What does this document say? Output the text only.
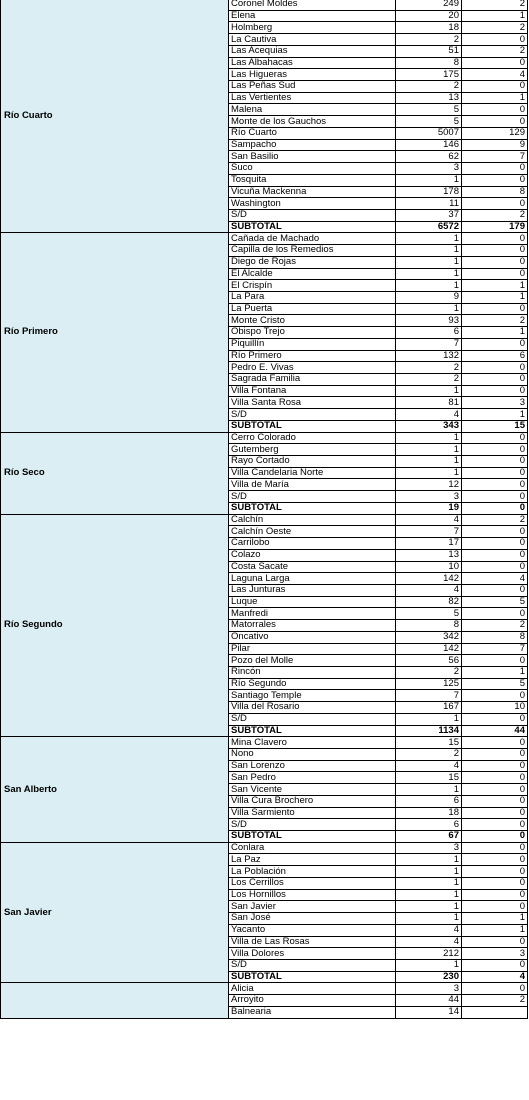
Río Cuarto	Coronel Moldes	249	2
	Elena	20	1
	Holmberg	18	2
	La Cautiva	2	0
	Las Acequias	51	2
	Las Albahacas	8	0
	Las Higueras	175	4
	Las Peñas Sud	2	0
	Las Vertientes	13	1
	Malena	5	0
	Monte de los Gauchos	5	0
	Río Cuarto	5007	129
	Sampacho	146	9
	San Basilio	62	7
	Suco	3	0
	Tosquita	1	0
	Vicuña Mackenna	178	8
	Washington	11	0
	S/D	37	2
	SUBTOTAL	6572	179
Río Primero	Cañada de Machado	1	0
	Capilla de los Remedios	1	0
	Diego de Rojas	1	0
	El Alcalde	1	0
	El Crispín	1	1
	La Para	9	1
	La Puerta	1	0
	Monte Cristo	93	2
	Obispo Trejo	6	1
	Piquillín	7	0
	Río Primero	132	6
	Pedro E. Vivas	2	0
	Sagrada Familia	2	0
	Villa Fontana	1	0
	Villa Santa Rosa	81	3
	S/D	4	1
	SUBTOTAL	343	15
Río Seco	Cerro Colorado	1	0
	Gutemberg	1	0
	Rayo Cortado	1	0
	Villa Candelaria Norte	1	0
	Villa de María	12	0
	S/D	3	0
	SUBTOTAL	19	0
Río Segundo	Calchín	4	2
	Calchín Oeste	7	0
	Carrilobo	17	0
	Colazo	13	0
	Costa Sacate	10	0
	Laguna Larga	142	4
	Las Junturas	4	0
	Luque	82	5
	Manfredi	5	0
	Matorrales	8	2
	Oncativo	342	8
	Pilar	142	7
	Pozo del Molle	56	0
	Rincón	2	1
	Río Segundo	125	5
	Santiago Temple	7	0
	Villa del Rosario	167	10
	S/D	1	0
	SUBTOTAL	1134	44
San Alberto	Mina Clavero	15	0
	Nono	2	0
	San Lorenzo	4	0
	San Pedro	15	0
	San Vicente	1	0
	Villa Cura Brochero	6	0
	Villa Sarmiento	18	0
	S/D	6	0
	SUBTOTAL	67	0
San Javier	Conlara	3	0
	La Paz	1	0
	La Población	1	0
	Los Cerrillos	1	0
	Los Hornillos	1	0
	San Javier	1	0
	San José	1	1
	Yacanto	4	1
	Villa de Las Rosas	4	0
	Villa Dolores	212	3
	S/D	1	0
	SUBTOTAL	230	4
	Alicia	3	0
	Arroyito	44	2
	Balnearia	14	
